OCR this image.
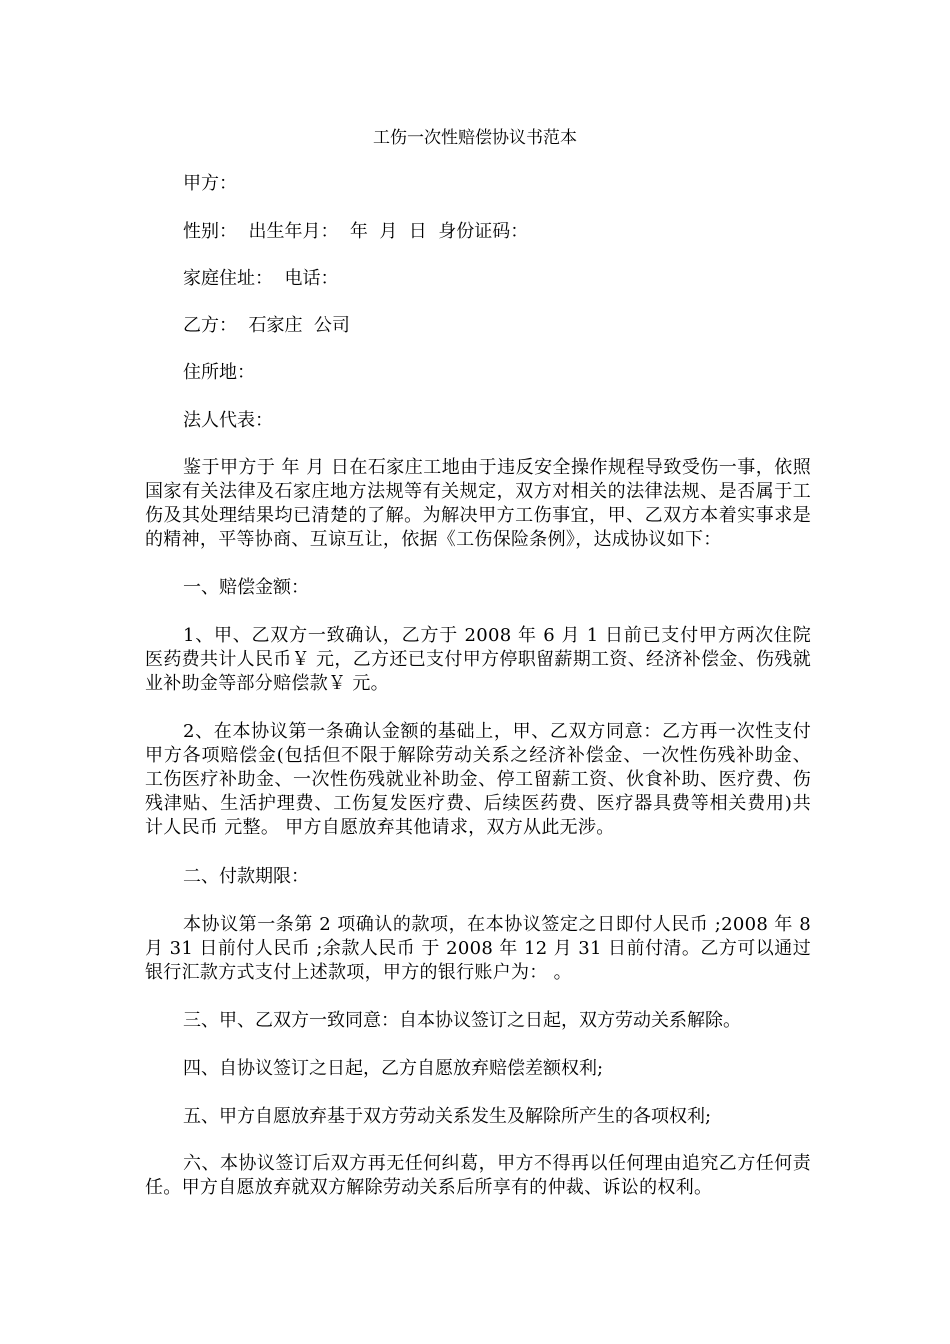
工伤一次性赔偿协议书范本

甲方：

性别：  出生年月：  年  月  日  身份证码：

家庭住址：  电话：

乙方：  石家庄  公司

住所地：

法人代表：

鉴于甲方于 年 月 日在石家庄工地由于违反安全操作规程导致受伤一事，依照国家有关法律及石家庄地方法规等有关规定，双方对相关的法律法规、是否属于工伤及其处理结果均已清楚的了解。为解决甲方工伤事宜，甲、乙双方本着实事求是的精神，平等协商、互谅互让，依据《工伤保险条例》，达成协议如下：

一、赔偿金额：

1、甲、乙双方一致确认，乙方于 2008 年 6 月 1 日前已支付甲方两次住院医药费共计人民币￥ 元，乙方还已支付甲方停职留薪期工资、经济补偿金、伤残就业补助金等部分赔偿款￥ 元。

2、在本协议第一条确认金额的基础上，甲、乙双方同意：乙方再一次性支付甲方各项赔偿金(包括但不限于解除劳动关系之经济补偿金、一次性伤残补助金、工伤医疗补助金、一次性伤残就业补助金、停工留薪工资、伙食补助、医疗费、伤残津贴、生活护理费、工伤复发医疗费、后续医药费、医疗器具费等相关费用)共计人民币 元整。 甲方自愿放弃其他请求，双方从此无涉。

二、付款期限：

本协议第一条第 2 项确认的款项，在本协议签定之日即付人民币 ;2008 年 8 月 31 日前付人民币 ;余款人民币 于 2008 年 12 月 31 日前付清。乙方可以通过银行汇款方式支付上述款项，甲方的银行账户为： 。

三、甲、乙双方一致同意：自本协议签订之日起，双方劳动关系解除。

四、自协议签订之日起，乙方自愿放弃赔偿差额权利;

五、甲方自愿放弃基于双方劳动关系发生及解除所产生的各项权利;

六、本协议签订后双方再无任何纠葛，甲方不得再以任何理由追究乙方任何责任。甲方自愿放弃就双方解除劳动关系后所享有的仲裁、诉讼的权利。
